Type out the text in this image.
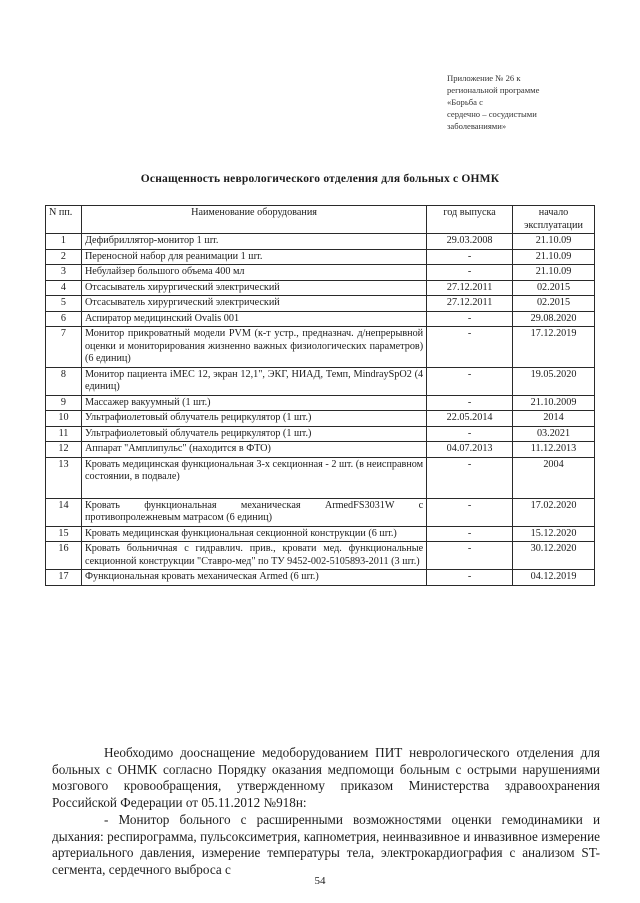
Приложение № 26 к
региональной программе
«Борьба с
сердечно – сосудистыми
заболеваниями»
Оснащенность неврологического отделения для больных с ОНМК
N пп.	Наименование оборудования	год выпуска	начало эксплуатации
1	Дефибриллятор-монитор 1 шт.	29.03.2008	21.10.09
2	Переносной набор для реанимации 1 шт.	-	21.10.09
3	Небулайзер большого объема 400 мл	-	21.10.09
4	Отсасыватель хирургический электрический	27.12.2011	02.2015
5	Отсасыватель хирургический электрический	27.12.2011	02.2015
6	Аспиратор медицинский Ovalis 001	-	29.08.2020
7	Монитор прикроватный модели PVM (к-т устр., предназнач. д/непрерывной оценки и мониторирования жизненно важных физиологических параметров) (6 единиц)	-	17.12.2019
8	Монитор пациента iMEC 12, экран 12,1", ЭКГ, НИАД, Темп, MindraySpO2 (4 единиц)	-	19.05.2020
9	Массажер вакуумный (1 шт.)	-	21.10.2009
10	Ультрафиолетовый облучатель рециркулятор (1 шт.)	22.05.2014	2014
11	Ультрафиолетовый облучатель рециркулятор (1 шт.)	-	03.2021
12	Аппарат "Амплипульс" (находится в ФТО)	04.07.2013	11.12.2013
13	Кровать медицинская функциональная 3-х секционная - 2 шт. (в неисправном состоянии, в подвале)	-	2004
14	Кровать функциональная механическая ArmedFS3031W с противопролежневым матрасом (6 единиц)	-	17.02.2020
15	Кровать медицинская функциональная секционной конструкции (6 шт.)	-	15.12.2020
16	Кровать больничная с гидравлич. прив., кровати мед. функциональные секционной конструкции "Ставро-мед" по ТУ 9452-002-5105893-2011 (3 шт.)	-	30.12.2020
17	Функциональная кровать механическая Armed (6 шт.)	-	04.12.2019

Необходимо дооснащение медоборудованием ПИТ неврологического отделения для больных с ОНМК согласно Порядку оказания медпомощи больным с острыми нарушениями мозгового кровообращения, утвержденному приказом Министерства здравоохранения Российской Федерации от 05.11.2012 №918н:

- Монитор больного с расширенными возможностями оценки гемодинамики и дыхания: респирограмма, пульсоксиметрия, капнометрия, неинвазивное и инвазивное измерение артериального давления, измерение температуры тела, электрокардиография с анализом ST-сегмента, сердечного выброса с

54
